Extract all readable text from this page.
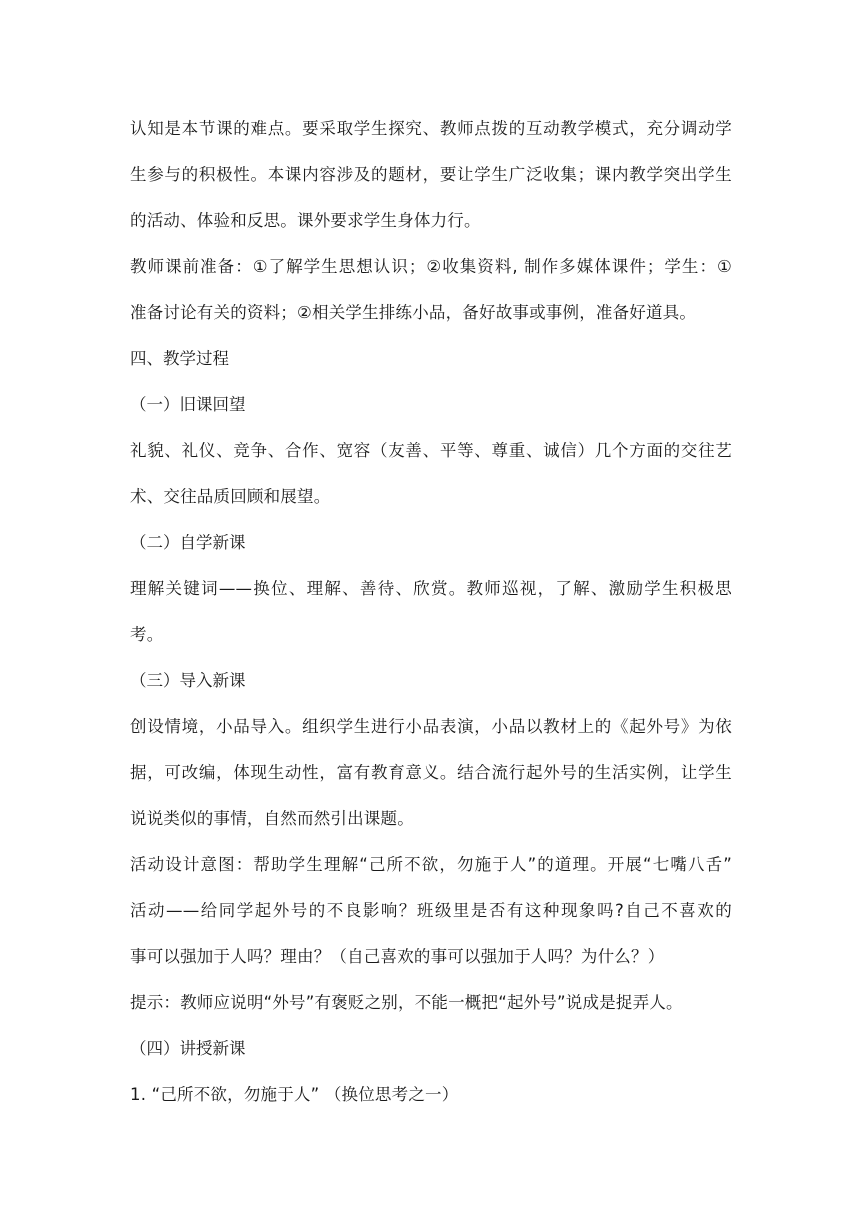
认知是本节课的难点。要采取学生探究、教师点拨的互动教学模式，充分调动学
生参与的积极性。本课内容涉及的题材，要让学生广泛收集；课内教学突出学生
的活动、体验和反思。课外要求学生身体力行。
教师课前准备：①了解学生思想认识；②收集资料, 制作多媒体课件；学生：①
准备讨论有关的资料；②相关学生排练小品，备好故事或事例，准备好道具。
四、教学过程
（一）旧课回望
礼貌、礼仪、竞争、合作、宽容（友善、平等、尊重、诚信）几个方面的交往艺
术、交往品质回顾和展望。
（二）自学新课
理解关键词——换位、理解、善待、欣赏。教师巡视，了解、激励学生积极思
考。
（三）导入新课
创设情境，小品导入。组织学生进行小品表演，小品以教材上的《起外号》为依
据，可改编，体现生动性，富有教育意义。结合流行起外号的生活实例，让学生
说说类似的事情，自然而然引出课题。
活动设计意图：帮助学生理解“己所不欲，勿施于人”的道理。开展“七嘴八舌”
活动——给同学起外号的不良影响？班级里是否有这种现象吗?自己不喜欢的
事可以强加于人吗？理由？（自己喜欢的事可以强加于人吗？为什么？）
提示：教师应说明“外号”有褒贬之别，不能一概把“起外号”说成是捉弄人。
（四）讲授新课
1. “己所不欲，勿施于人” （换位思考之一）
